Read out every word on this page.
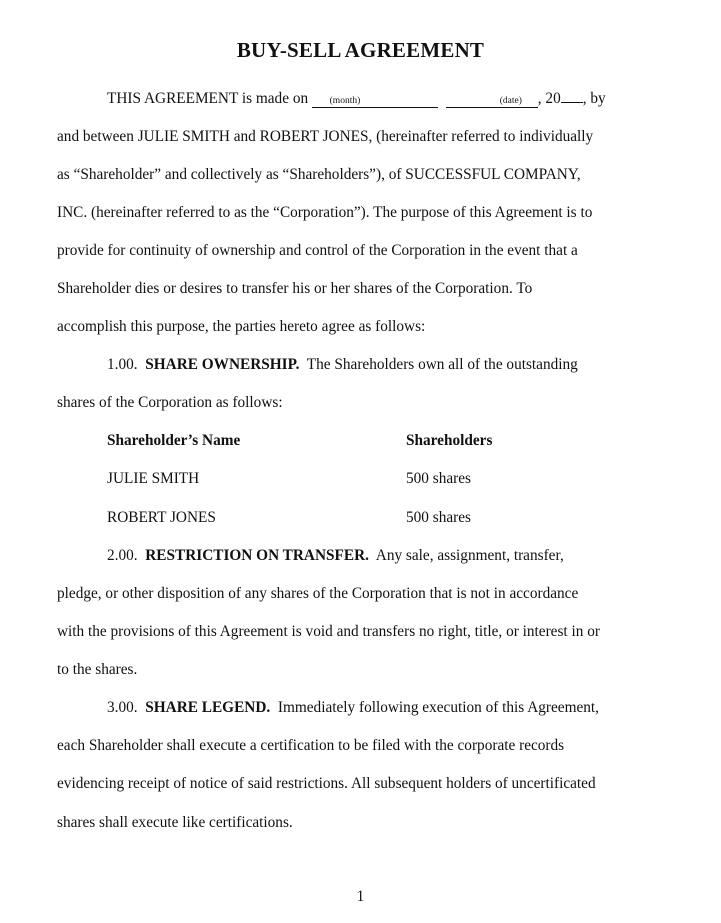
BUY-SELL AGREEMENT
THIS AGREEMENT is made on (month)	(date) , 20 , by
and between JULIE SMITH and ROBERT JONES, (hereinafter referred to individually
as “Shareholder” and collectively as “Shareholders”), of SUCCESSFUL COMPANY,
INC. (hereinafter referred to as the “Corporation”). The purpose of this Agreement is to
provide for continuity of ownership and control of the Corporation in the event that a
Shareholder dies or desires to transfer his or her shares of the Corporation. To
accomplish this purpose, the parties hereto agree as follows:
1.00. SHARE OWNERSHIP. The Shareholders own all of the outstanding
shares of the Corporation as follows:
Shareholder’s Name	Shareholders
JULIE SMITH	500 shares
ROBERT JONES	500 shares
2.00. RESTRICTION ON TRANSFER. Any sale, assignment, transfer,
pledge, or other disposition of any shares of the Corporation that is not in accordance
with the provisions of this Agreement is void and transfers no right, title, or interest in or
to the shares.
3.00. SHARE LEGEND. Immediately following execution of this Agreement,
each Shareholder shall execute a certification to be filed with the corporate records
evidencing receipt of notice of said restrictions. All subsequent holders of uncertificated
shares shall execute like certifications.
1
